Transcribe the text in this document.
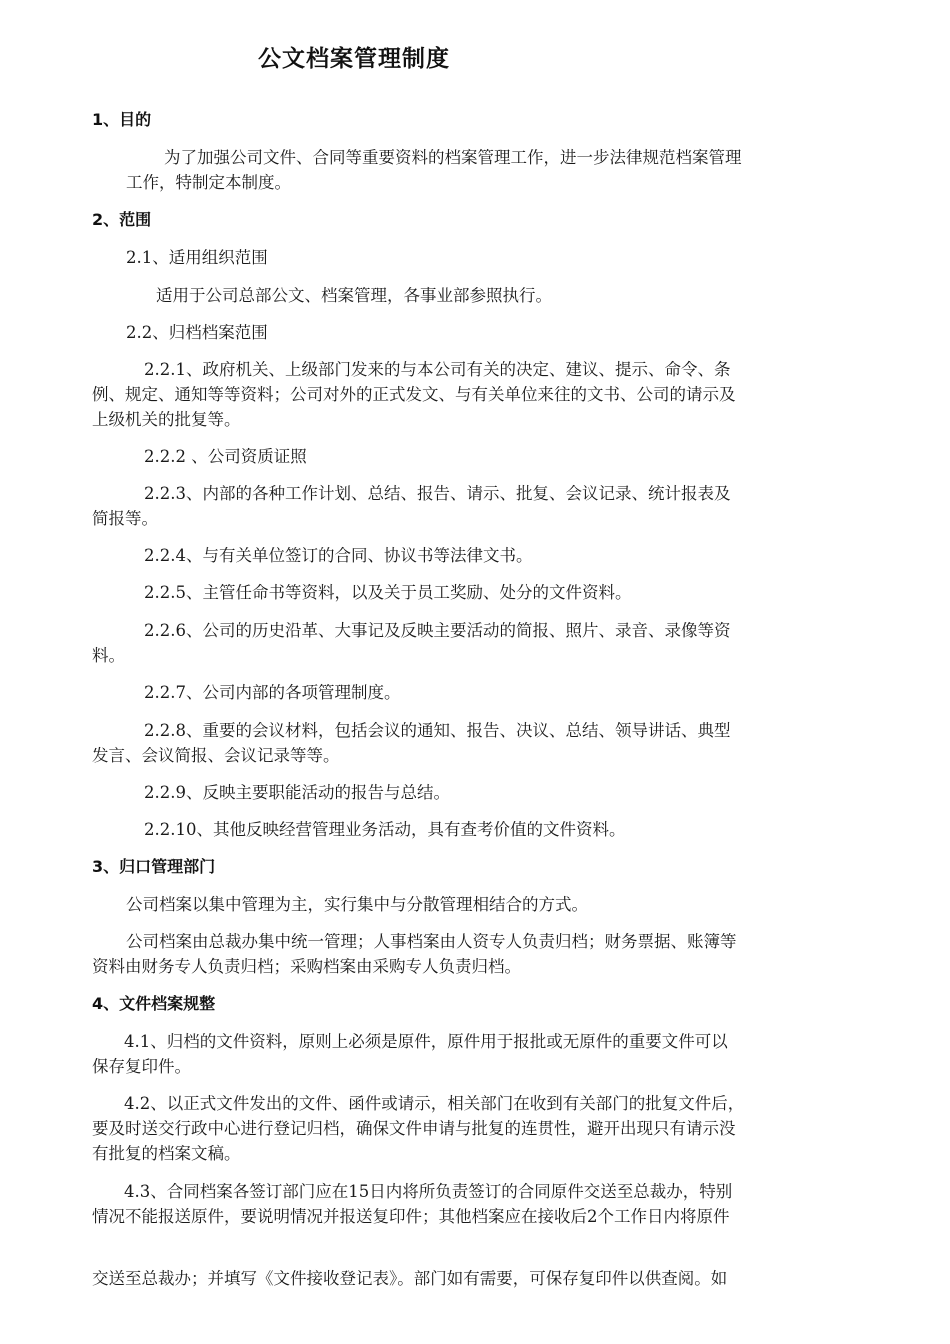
公文档案管理制度
1、目的
为了加强公司文件、合同等重要资料的档案管理工作，进一步法律规范档案管理
工作，特制定本制度。
2、范围
2.1、适用组织范围
适用于公司总部公文、档案管理，各事业部参照执行。
2.2、归档档案范围
2.2.1、政府机关、上级部门发来的与本公司有关的决定、建议、提示、命令、条
例、规定、通知等等资料；公司对外的正式发文、与有关单位来往的文书、公司的请示及
上级机关的批复等。
2.2.2 、公司资质证照
2.2.3、内部的各种工作计划、总结、报告、请示、批复、会议记录、统计报表及
简报等。
2.2.4、与有关单位签订的合同、协议书等法律文书。
2.2.5、主管任命书等资料，以及关于员工奖励、处分的文件资料。
2.2.6、公司的历史沿革、大事记及反映主要活动的简报、照片、录音、录像等资
料。
2.2.7、公司内部的各项管理制度。
2.2.8、重要的会议材料，包括会议的通知、报告、决议、总结、领导讲话、典型
发言、会议简报、会议记录等等。
2.2.9、反映主要职能活动的报告与总结。
2.2.10、其他反映经营管理业务活动，具有查考价值的文件资料。
3、归口管理部门
公司档案以集中管理为主，实行集中与分散管理相结合的方式。
公司档案由总裁办集中统一管理；人事档案由人资专人负责归档；财务票据、账簿等
资料由财务专人负责归档；采购档案由采购专人负责归档。
4、文件档案规整
4.1、归档的文件资料，原则上必须是原件，原件用于报批或无原件的重要文件可以
保存复印件。
4.2、以正式文件发出的文件、函件或请示，相关部门在收到有关部门的批复文件后，
要及时送交行政中心进行登记归档，确保文件申请与批复的连贯性，避开出现只有请示没
有批复的档案文稿。
4.3、合同档案各签订部门应在15日内将所负责签订的合同原件交送至总裁办，特别
情况不能报送原件，要说明情况并报送复印件；其他档案应在接收后2个工作日内将原件
交送至总裁办；并填写《文件接收登记表》。部门如有需要，可保存复印件以供查阅。如
